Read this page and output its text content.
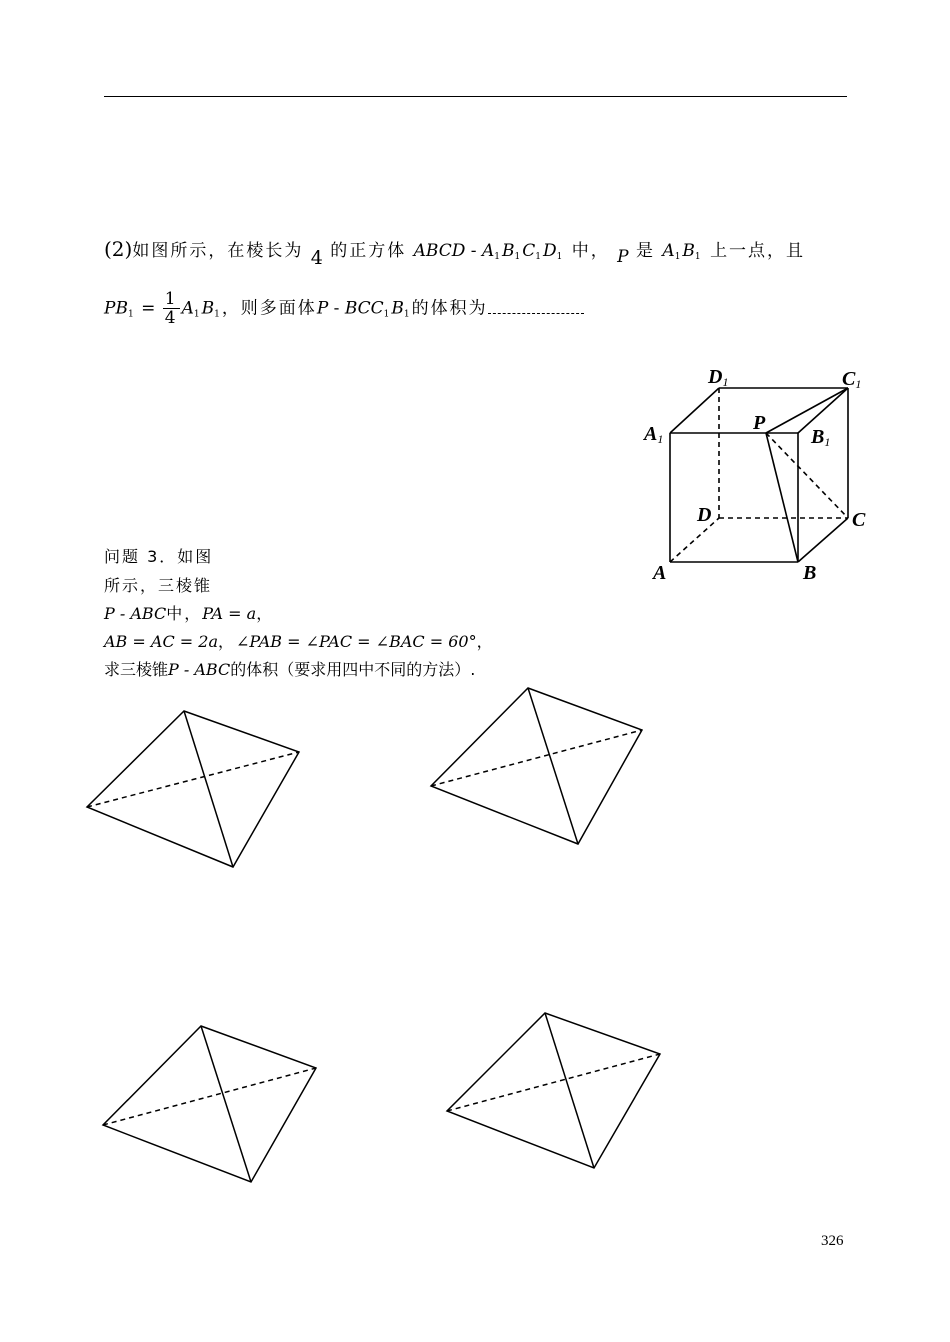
(2)如图所示，在棱长为 4 的正方体 ABCD - $A_1B_1C_1D_1$ 中， P 是 $A_1B_1$ 上一点，且
$PB_1 = \frac{1}{4} A_1B_1$，则多面体P - $BCC_1B_1$的体积为
问题 3．如图
所示，三棱锥
P - ABC中，PA = a，
AB = AC = 2a，∠PAB = ∠PAC = ∠BAC = 60°，
求三棱锥P - ABC的体积（要求用四中不同的方法）.
D1	C1
A1
P
B1
D	C
A	B
326
